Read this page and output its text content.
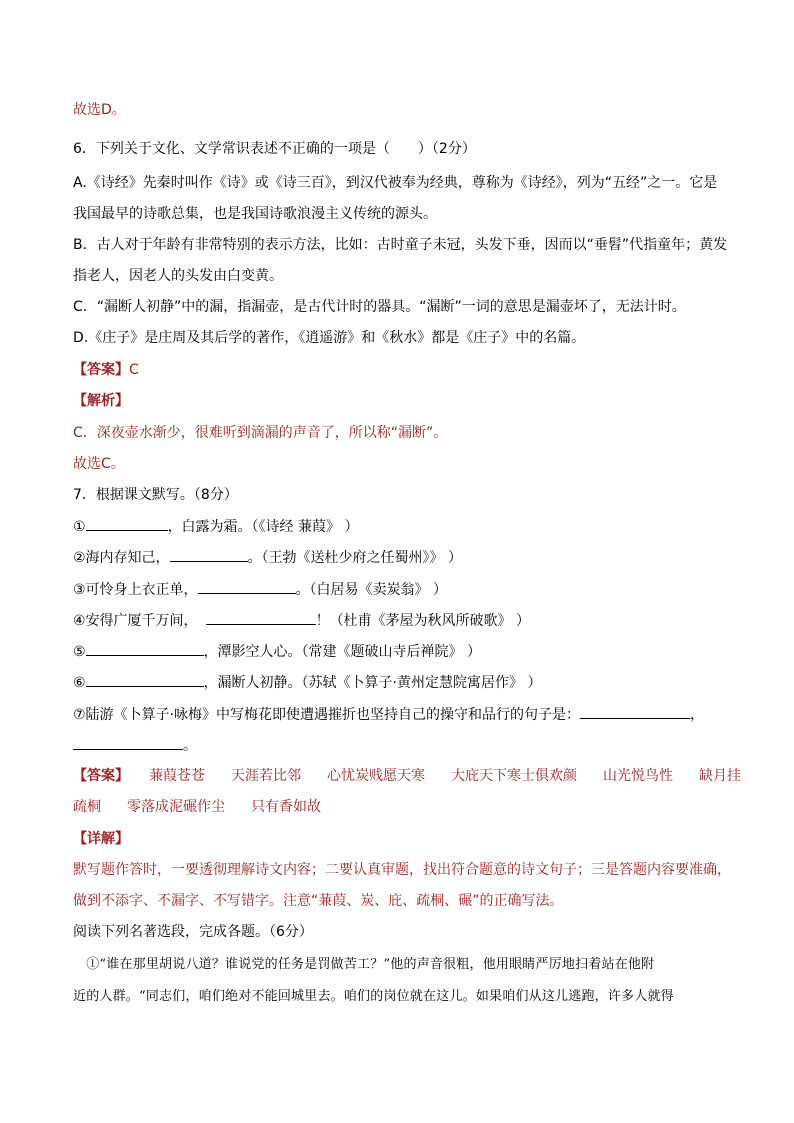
故选D。
6．下列关于文化、文学常识表述不正确的一项是（　　）（2分）
A.《诗经》先秦时叫作《诗》或《诗三百》，到汉代被奉为经典，尊称为《诗经》，列为“五经”之一。它是
我国最早的诗歌总集，也是我国诗歌浪漫主义传统的源头。
B．古人对于年龄有非常特别的表示方法，比如：古时童子未冠，头发下垂，因而以“垂髫”代指童年；黄发
指老人，因老人的头发由白变黄。
C．“漏断人初静”中的漏，指漏壶，是古代计时的器具。“漏断”一词的意思是漏壶坏了，无法计时。
D.《庄子》是庄周及其后学的著作，《逍遥游》和《秋水》都是《庄子》中的名篇。
【答案】C
【解析】
C．深夜壶水渐少，很难听到滴漏的声音了，所以称“漏断”。
故选C。
7．根据课文默写。（8分）
①	，白露为霜。（《诗经 蒹葭》 ）
②海内存知己，	。（王勃《送杜少府之任蜀州》》 ）
③可怜身上衣正单，	。（白居易《卖炭翁》 ）
④安得广厦千万间，	！（杜甫《茅屋为秋风所破歌》 ）
⑤	，潭影空人心。（常建《题破山寺后禅院》 ）
⑥	，漏断人初静。（苏轼《卜算子·黄州定慧院寓居作》 ）
⑦陆游《卜算子·咏梅》中写梅花即使遭遇摧折也坚持自己的操守和品行的句子是：	，
。
【答案】 蒹葭苍苍 天涯若比邻 心忧炭贱愿天寒 大庇天下寒士俱欢颜 山光悦鸟性 缺月挂
疏桐 零落成泥碾作尘 只有香如故
【详解】
默写题作答时，一要透彻理解诗文内容；二要认真审题，找出符合题意的诗文句子；三是答题内容要准确，
做到不添字、不漏字、不写错字。注意“蒹葭、炭、庇、疏桐、碾”的正确写法。
阅读下列名著选段，完成各题。（6分）
　①“谁在那里胡说八道？谁说党的任务是罚做苦工？”他的声音很粗，他用眼睛严厉地扫着站在他附
近的人群。“同志们，咱们绝对不能回城里去。咱们的岗位就在这儿。如果咱们从这儿逃跑，许多人就得
